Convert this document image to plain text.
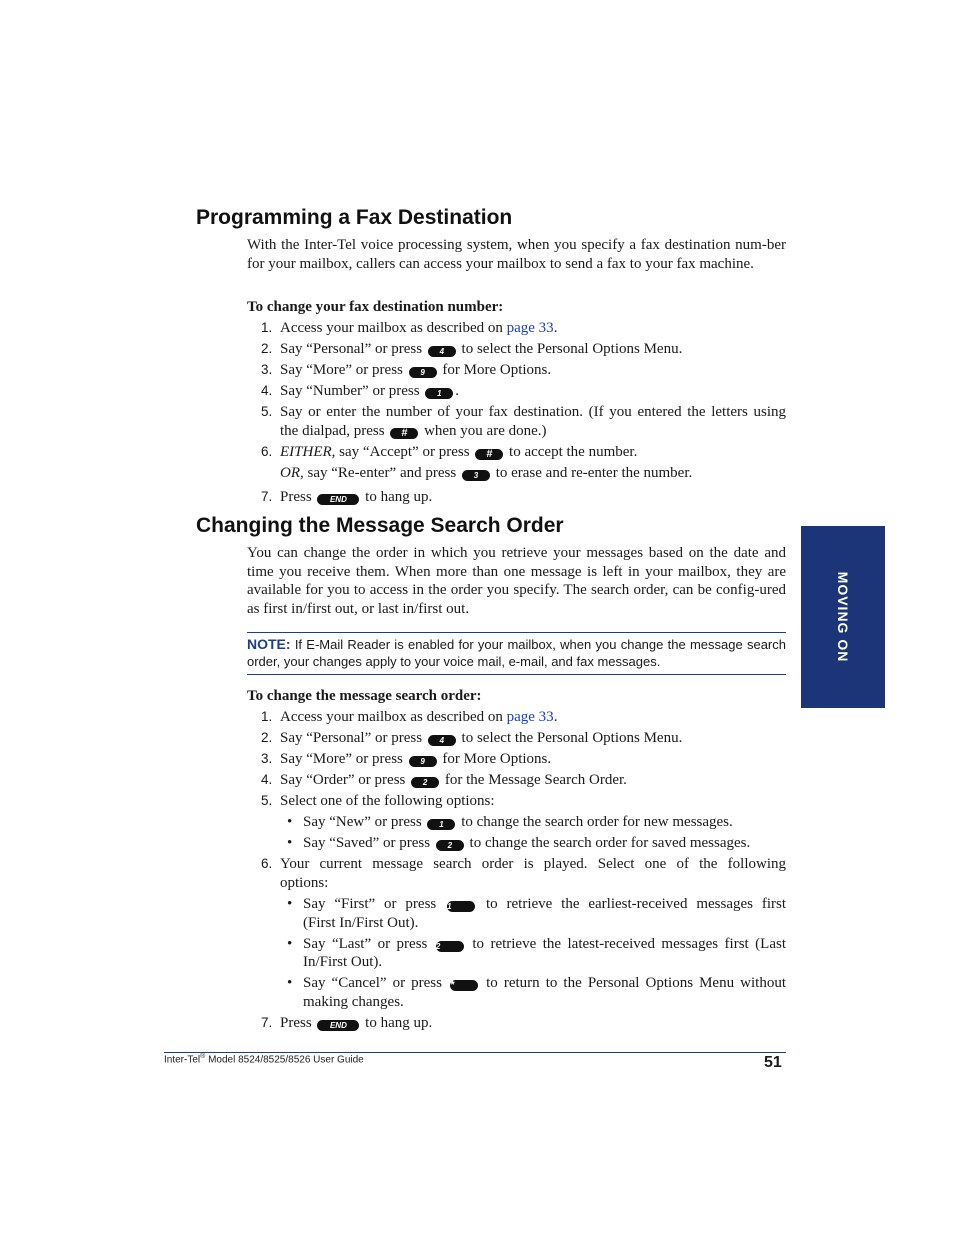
Programming a Fax Destination

With the Inter-Tel voice processing system, when you specify a fax destination num-ber for your mailbox, callers can access your mailbox to send a fax to your fax machine.

To change your fax destination number:

1. Access your mailbox as described on page 33.
2. Say “Personal” or press 4 to select the Personal Options Menu.
3. Say “More” or press 9 for More Options.
4. Say “Number” or press 1 .
5. Say or enter the number of your fax destination. (If you entered the letters using
the dialpad, press # when you are done.)
6. EITHER, say “Accept” or press # to accept the number.
OR, say “Re-enter” and press 3 to erase and re-enter the number.
7. Press END to hang up.
Changing the Message Search Order

You can change the order in which you retrieve your messages based on the date and time you receive them. When more than one message is left in your mailbox, they are available for you to access in the order you specify. The search order, can be config-ured as first in/first out, or last in/first out.

NOTE: If E-Mail Reader is enabled for your mailbox, when you change the message search order, your changes apply to your voice mail, e-mail, and fax messages.

To change the message search order:

1. Access your mailbox as described on page 33.
2. Say “Personal” or press 4 to select the Personal Options Menu.
3. Say “More” or press 9 for More Options.
4. Say “Order” or press 2 for the Message Search Order.
5. Select one of the following options:
• Say “New” or press 1 to change the search order for new messages.
• Say “Saved” or press 2 to change the search order for saved messages.
6. Your current message search order is played. Select one of the following
options:
• Say “First” or press 1 to retrieve the earliest-received messages first
(First In/First Out).
• Say “Last” or press 2 to retrieve the latest-received messages first (Last
In/First Out).
• Say “Cancel” or press * to return to the Personal Options Menu without
making changes.
7. Press END to hang up.
MOVING ON
Inter-Tel® Model 8524/8525/8526 User Guide	51
